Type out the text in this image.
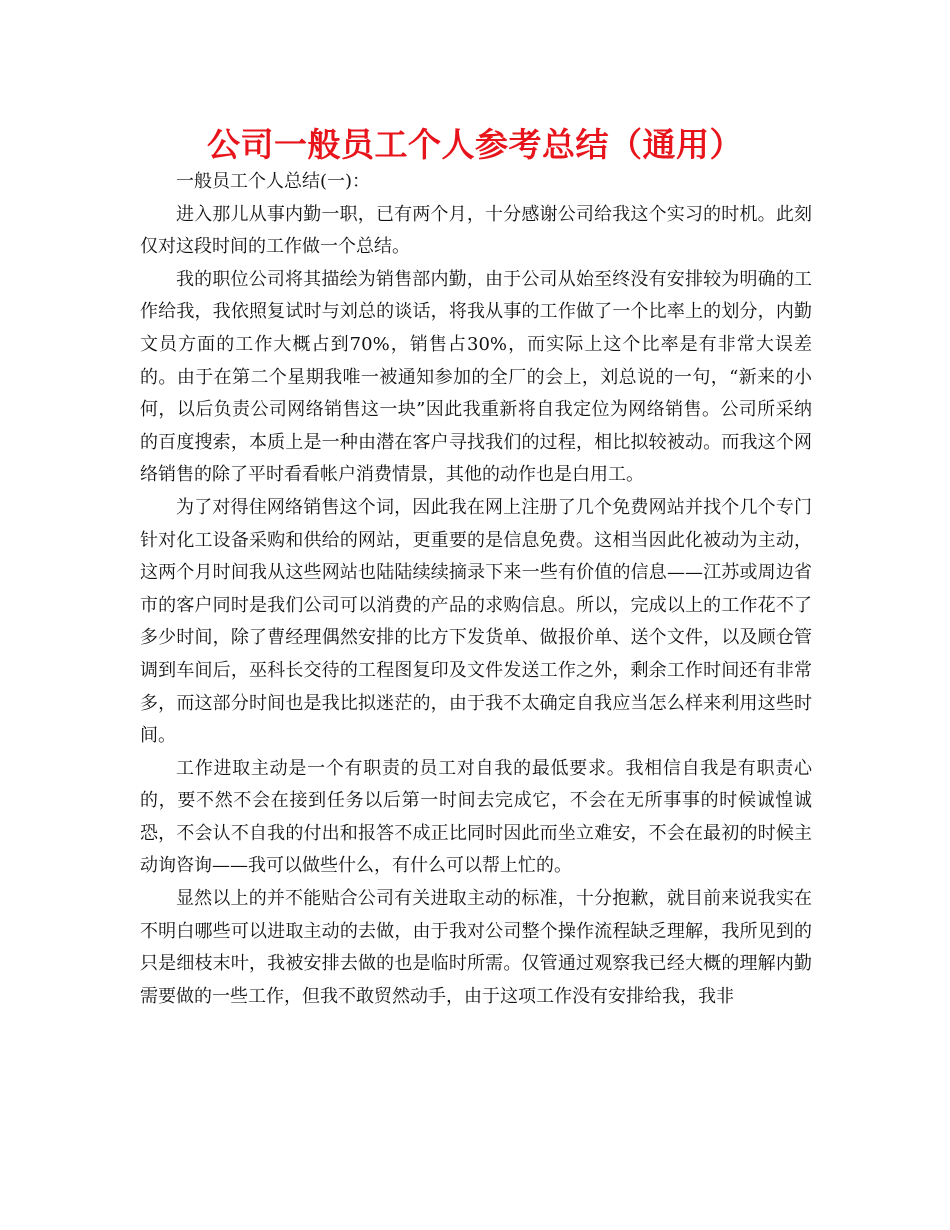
公司一般员工个人参考总结（通用）

一般员工个人总结(一)：

进入那儿从事内勤一职，已有两个月，十分感谢公司给我这个实习的时机。此刻仅对这段时间的工作做一个总结。

我的职位公司将其描绘为销售部内勤，由于公司从始至终没有安排较为明确的工作给我，我依照复试时与刘总的谈话，将我从事的工作做了一个比率上的划分，内勤文员方面的工作大概占到70%，销售占30%，而实际上这个比率是有非常大误差的。由于在第二个星期我唯一被通知参加的全厂的会上，刘总说的一句，“新来的小何，以后负责公司网络销售这一块”因此我重新将自我定位为网络销售。公司所采纳的百度搜索，本质上是一种由潜在客户寻找我们的过程，相比拟较被动。而我这个网络销售的除了平时看看帐户消费情景，其他的动作也是白用工。

为了对得住网络销售这个词，因此我在网上注册了几个免费网站并找个几个专门针对化工设备采购和供给的网站，更重要的是信息免费。这相当因此化被动为主动，这两个月时间我从这些网站也陆陆续续摘录下来一些有价值的信息——江苏或周边省市的客户同时是我们公司可以消费的产品的求购信息。所以，完成以上的工作花不了多少时间，除了曹经理偶然安排的比方下发货单、做报价单、送个文件，以及顾仓管调到车间后，巫科长交待的工程图复印及文件发送工作之外，剩余工作时间还有非常多，而这部分时间也是我比拟迷茫的，由于我不太确定自我应当怎么样来利用这些时间。

工作进取主动是一个有职责的员工对自我的最低要求。我相信自我是有职责心的，要不然不会在接到任务以后第一时间去完成它，不会在无所事事的时候诚惶诚恐，不会认不自我的付出和报答不成正比同时因此而坐立难安，不会在最初的时候主动询咨询——我可以做些什么，有什么可以帮上忙的。

显然以上的并不能贴合公司有关进取主动的标准，十分抱歉，就目前来说我实在不明白哪些可以进取主动的去做，由于我对公司整个操作流程缺乏理解，我所见到的只是细枝末叶，我被安排去做的也是临时所需。仅管通过观察我已经大概的理解内勤需要做的一些工作，但我不敢贸然动手，由于这项工作没有安排给我，我非
